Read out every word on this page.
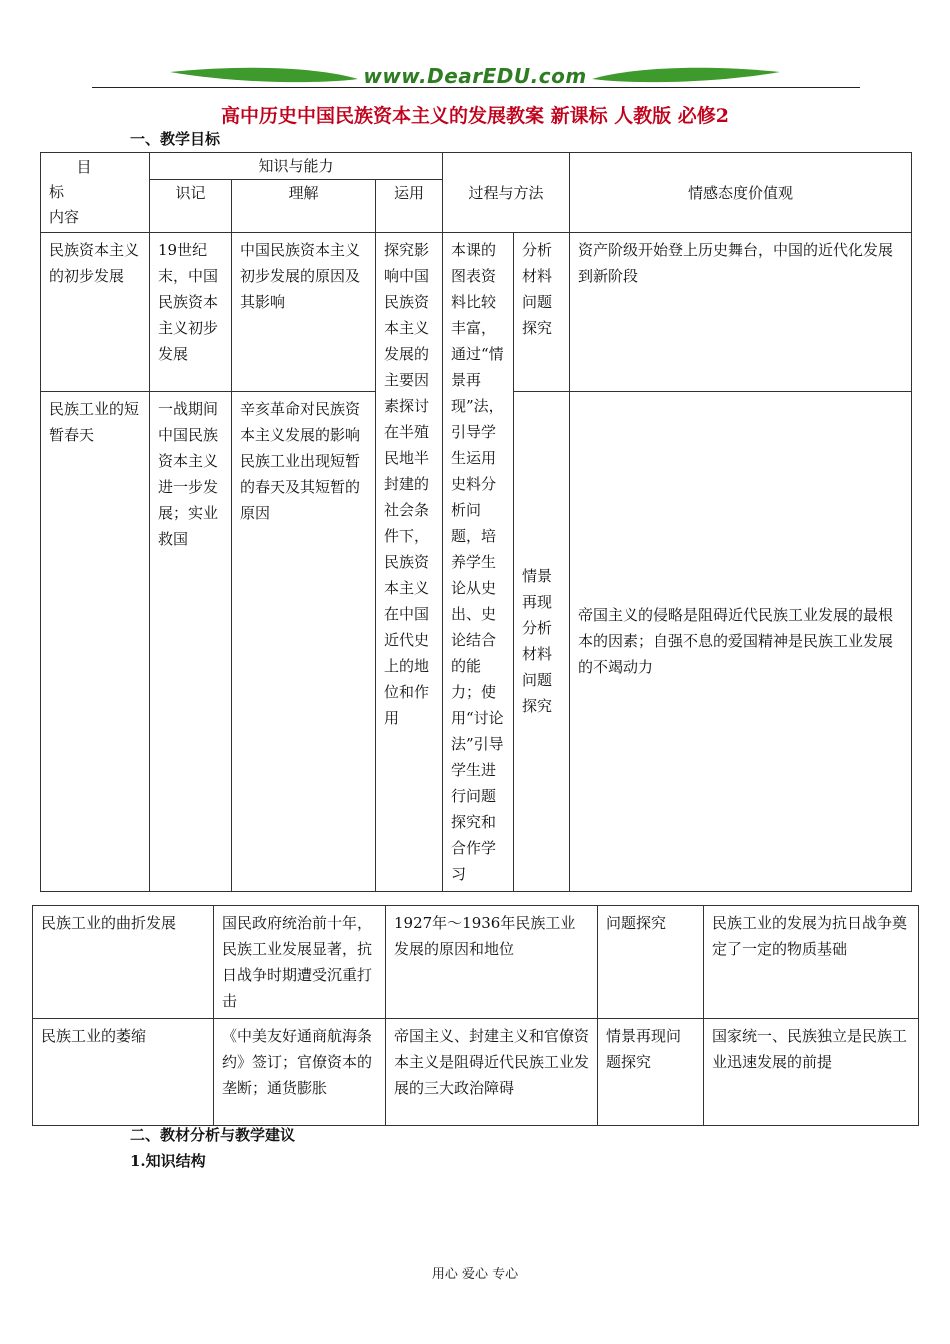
www.DearEDU.com
高中历史中国民族资本主义的发展教案 新课标 人教版 必修2
一、教学目标
目
标
内容	知识与能力			过程与方法		情感态度价值观
	识记	理解	运用			
民族资本主义的初步发展	19世纪末，中国民族资本主义初步发展	中国民族资本主义初步发展的原因及其影响	探究影响中国民族资本主义发展的主要因素探讨在半殖民地半封建的社会条件下，民族资本主义在中国近代史上的地位和作用	本课的图表资料比较丰富，通过“情景再现”法，引导学生运用史料分析问题，培养学生论从史出、史论结合的能力；使用“讨论法”引导学生进行问题探究和合作学习	分析材料问题探究	资产阶级开始登上历史舞台，中国的近代化发展到新阶段
民族工业的短暂春天	一战期间中国民族资本主义进一步发展；实业救国	辛亥革命对民族资本主义发展的影响民族工业出现短暂的春天及其短暂的原因			情景再现分析材料问题探究	帝国主义的侵略是阻碍近代民族工业发展的最根本的因素；自强不息的爱国精神是民族工业发展的不竭动力
民族工业的曲折发展	国民政府统治前十年，民族工业发展显著，抗日战争时期遭受沉重打击	1927年～1936年民族工业发展的原因和地位	问题探究	民族工业的发展为抗日战争奠定了一定的物质基础
民族工业的萎缩	《中美友好通商航海条约》签订；官僚资本的垄断；通货膨胀	帝国主义、封建主义和官僚资本主义是阻碍近代民族工业发展的三大政治障碍	情景再现问题探究	国家统一、民族独立是民族工业迅速发展的前提
二、教材分析与教学建议
1.知识结构
用心 爱心 专心
